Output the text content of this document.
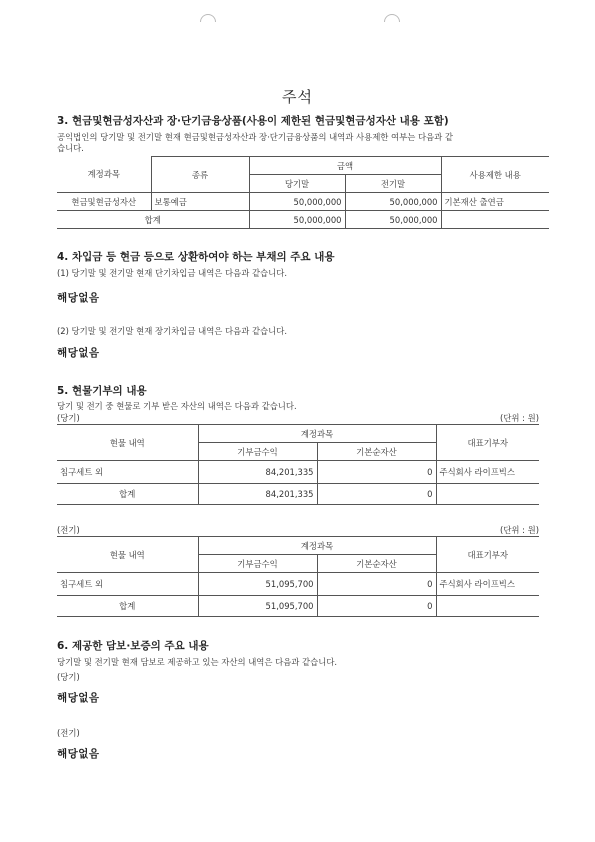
주석
3. 현금및현금성자산과 장·단기금융상품(사용이 제한된 현금및현금성자산 내용 포함)
공익법인의 당기말 및 전기말 현재 현금및현금성자산과 장·단기금융상품의 내역과 사용제한 여부는 다음과 같
습니다.
계정과목	종류	금액		사용제한 내용
		당기말	전기말	
현금및현금성자산	보통예금	50,000,000	50,000,000	기본재산 출연금
합계		50,000,000	50,000,000	
4. 차입금 등 현금 등으로 상환하여야 하는 부채의 주요 내용
(1) 당기말 및 전기말 현재 단기차입금 내역은 다음과 같습니다.
해당없음
(2) 당기말 및 전기말 현재 장기차입금 내역은 다음과 같습니다.
해당없음
5. 현물기부의 내용
당기 및 전기 중 현물로 기부 받은 자산의 내역은 다음과 같습니다.
(당기)	(단위 : 원)
현물 내역	계정과목		대표기부자
	기부금수익	기본순자산	
침구세트 외	84,201,335	0	주식회사 라이프빅스
합계	84,201,335	0	
(전기)	(단위 : 원)
현물 내역	계정과목		대표기부자
	기부금수익	기본순자산	
침구세트 외	51,095,700	0	주식회사 라이프빅스
합계	51,095,700	0	
6. 제공한 담보·보증의 주요 내용
당기말 및 전기말 현재 담보로 제공하고 있는 자산의 내역은 다음과 같습니다.
(당기)
해당없음
(전기)
해당없음
